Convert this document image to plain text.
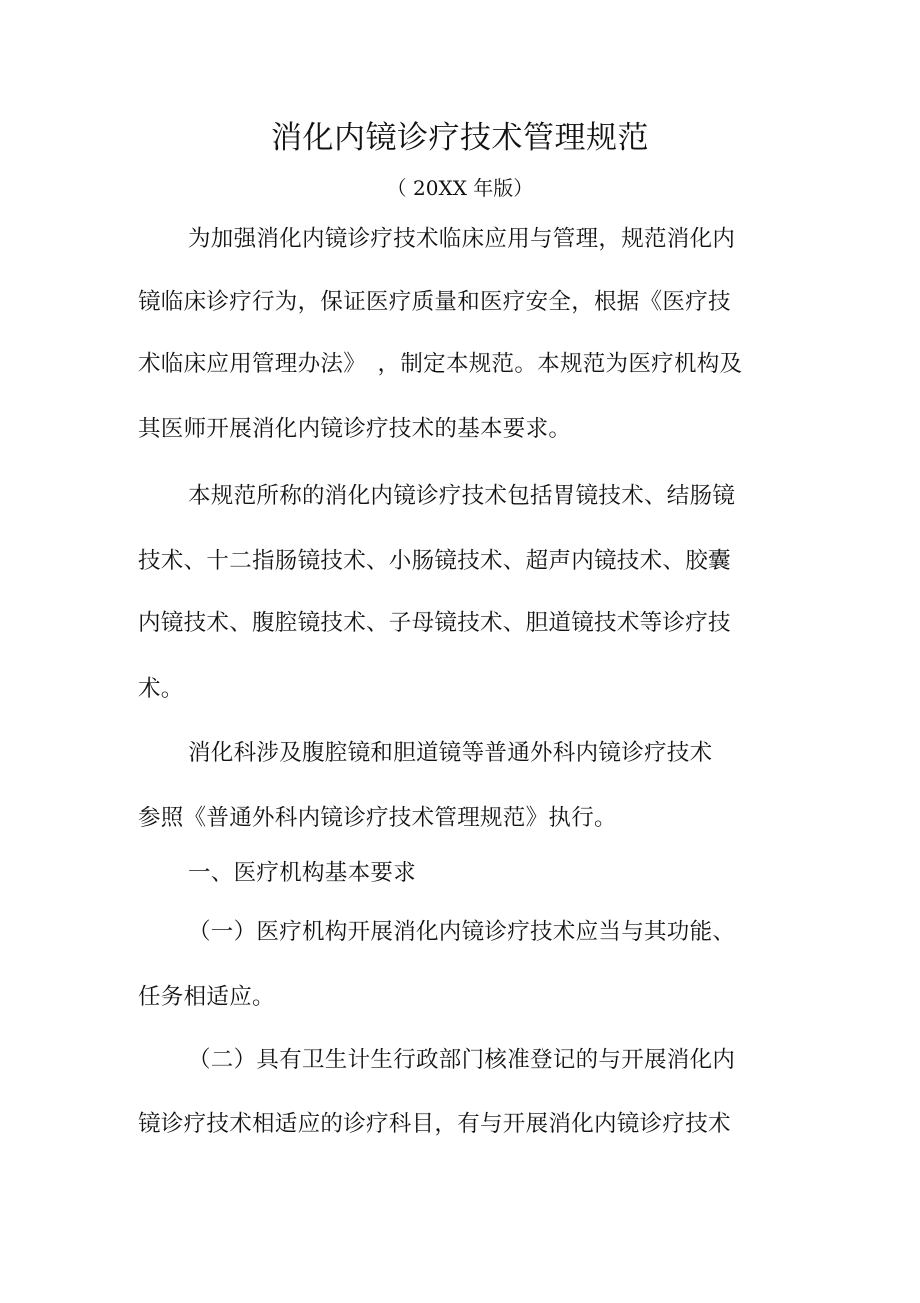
消化内镜诊疗技术管理规范
（ 20XX 年版）
为加强消化内镜诊疗技术临床应用与管理，规范消化内
镜临床诊疗行为，保证医疗质量和医疗安全，根据《医疗技
术临床应用管理办法》　，制定本规范。本规范为医疗机构及
其医师开展消化内镜诊疗技术的基本要求。
本规范所称的消化内镜诊疗技术包括胃镜技术、结肠镜
技术、十二指肠镜技术、小肠镜技术、超声内镜技术、胶囊
内镜技术、腹腔镜技术、子母镜技术、胆道镜技术等诊疗技
术。
消化科涉及腹腔镜和胆道镜等普通外科内镜诊疗技术
参照《普通外科内镜诊疗技术管理规范》执行。
一、医疗机构基本要求
（一）医疗机构开展消化内镜诊疗技术应当与其功能、
任务相适应。
（二）具有卫生计生行政部门核准登记的与开展消化内
镜诊疗技术相适应的诊疗科目，有与开展消化内镜诊疗技术
